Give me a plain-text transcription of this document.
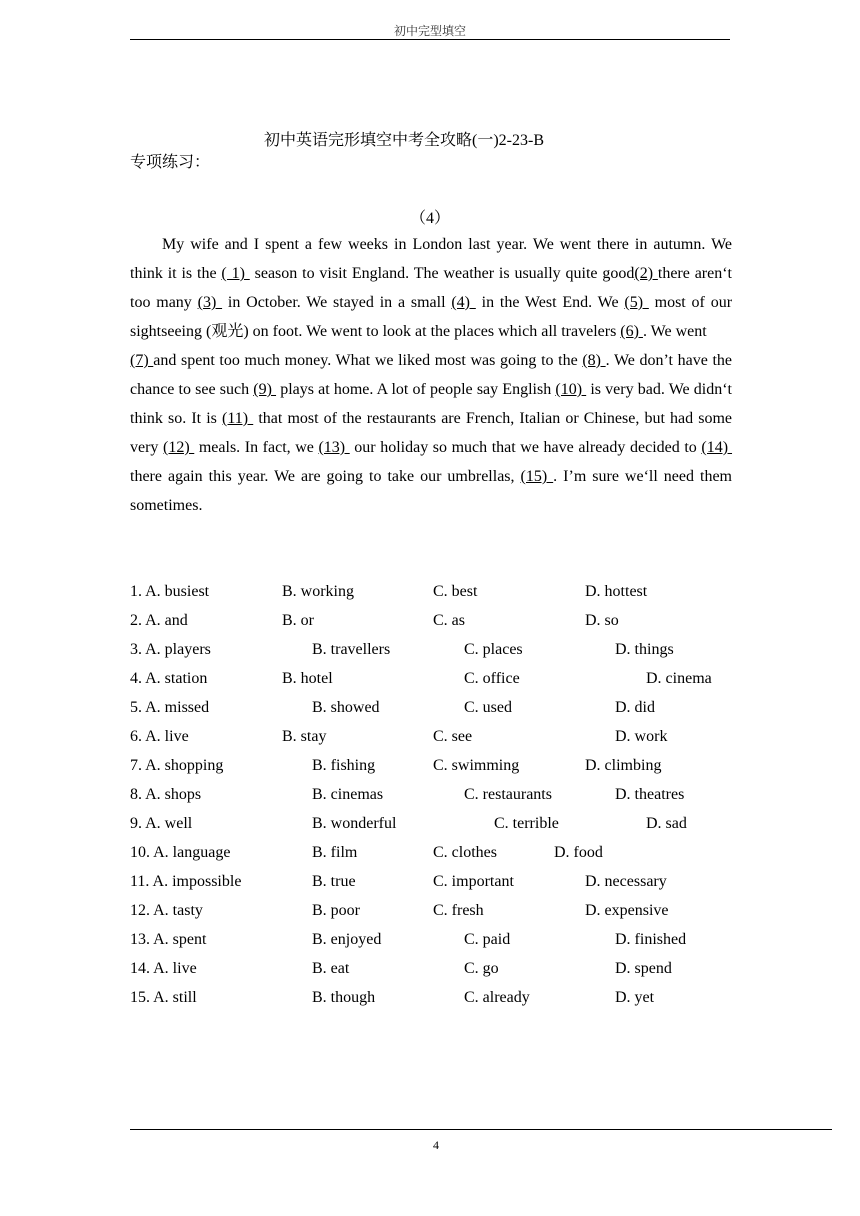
初中完型填空
初中英语完形填空中考全攻略(一)2-23-B
专项练习：
（4）

My wife and I spent a few weeks in London last year. We went there in autumn. We think it is the ( 1)  season to visit England. The weather is usually quite good(2) there aren‘t too many (3)  in October. We stayed in a small (4)  in the West End. We (5)  most of our sightseeing (观光) on foot. We went to look at the places which all travelers (6) . We went
(7) and spent too much money. What we liked most was going to the (8) . We don’t have the chance to see such (9)  plays at home. A lot of people say English (10)  is very bad. We didn‘t think so. It is (11)  that most of the restaurants are French, Italian or Chinese, but had some very (12)  meals. In fact, we (13)  our holiday so much that we have already decided to (14)  there again this year. We are going to take our umbrellas, (15) . I’m sure we‘ll need them sometimes.

1. A. busiest	B. working	C. best	D. hottest
2. A. and	B. or	C. as	D. so
3. A. players	B. travellers	C. places	D. things
4. A. station	B. hotel	C. office	D. cinema
5. A. missed	B. showed	C. used	D. did
6. A. live	B. stay	C. see	D. work
7. A. shopping	B. fishing	C. swimming	D. climbing
8. A. shops	B. cinemas	C. restaurants	D. theatres
9. A. well	B. wonderful	C. terrible	D. sad
10. A. language	B. film	C. clothes	D. food
11. A. impossible	B. true	C. important	D. necessary
12. A. tasty	B. poor	C. fresh	D. expensive
13. A. spent	B. enjoyed	C. paid	D. finished
14. A. live	B. eat	C. go	D. spend
15. A. still	B. though	C. already	D. yet
4
